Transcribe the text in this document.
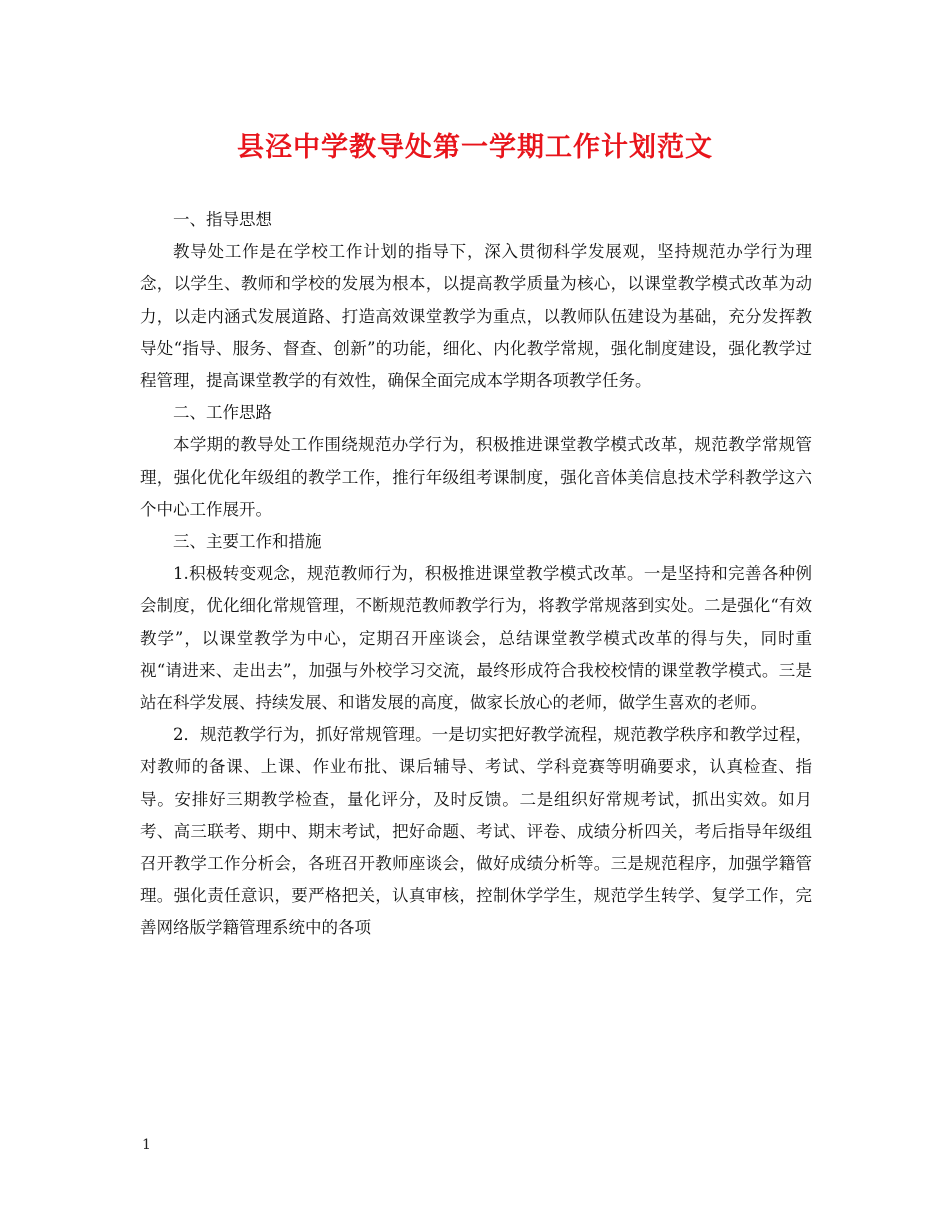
县泾中学教导处第一学期工作计划范文

一、指导思想

教导处工作是在学校工作计划的指导下，深入贯彻科学发展观，坚持规范办学行为理念，以学生、教师和学校的发展为根本，以提高教学质量为核心，以课堂教学模式改革为动力，以走内涵式发展道路、打造高效课堂教学为重点，以教师队伍建设为基础，充分发挥教导处“指导、服务、督查、创新”的功能，细化、内化教学常规，强化制度建设，强化教学过程管理，提高课堂教学的有效性，确保全面完成本学期各项教学任务。

二、工作思路

本学期的教导处工作围绕规范办学行为，积极推进课堂教学模式改革，规范教学常规管理，强化优化年级组的教学工作，推行年级组考课制度，强化音体美信息技术学科教学这六个中心工作展开。

三、主要工作和措施

1.积极转变观念，规范教师行为，积极推进课堂教学模式改革。一是坚持和完善各种例会制度，优化细化常规管理，不断规范教师教学行为，将教学常规落到实处。二是强化“有效教学”，以课堂教学为中心，定期召开座谈会，总结课堂教学模式改革的得与失，同时重视“请进来、走出去”，加强与外校学习交流，最终形成符合我校校情的课堂教学模式。三是站在科学发展、持续发展、和谐发展的高度，做家长放心的老师，做学生喜欢的老师。

2．规范教学行为，抓好常规管理。一是切实把好教学流程，规范教学秩序和教学过程，对教师的备课、上课、作业布批、课后辅导、考试、学科竞赛等明确要求，认真检查、指导。安排好三期教学检查，量化评分，及时反馈。二是组织好常规考试，抓出实效。如月考、高三联考、期中、期末考试，把好命题、考试、评卷、成绩分析四关，考后指导年级组召开教学工作分析会，各班召开教师座谈会，做好成绩分析等。三是规范程序，加强学籍管理。强化责任意识，要严格把关，认真审核，控制休学学生，规范学生转学、复学工作，完善网络版学籍管理系统中的各项

1
